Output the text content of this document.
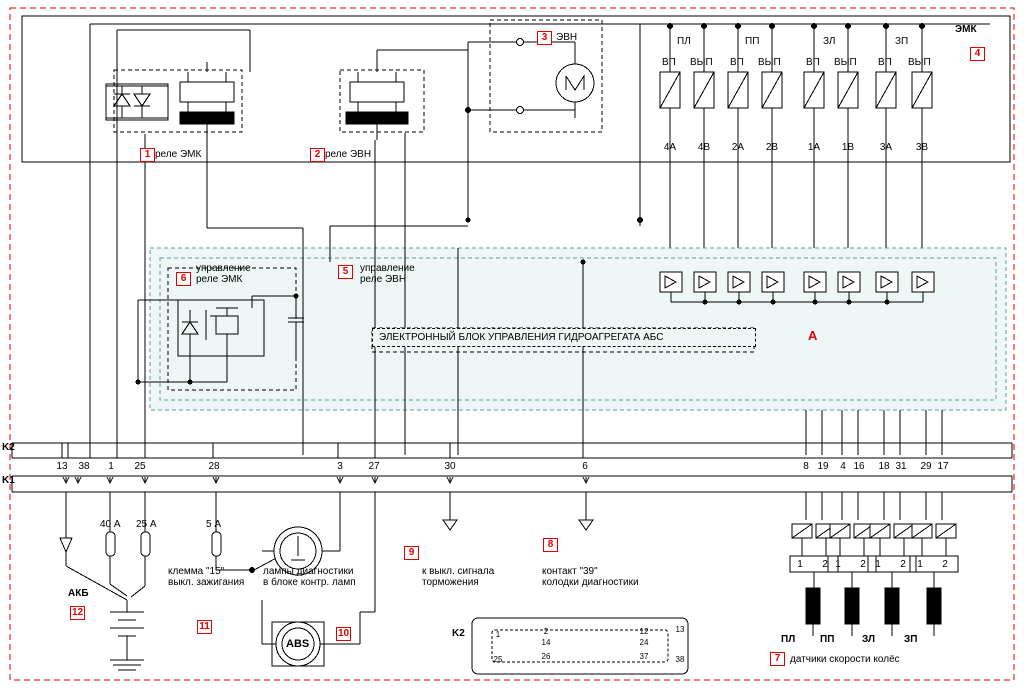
1 реле ЭМК	2 реле ЭВН
3 ЭВН
ЭМК
4
ПЛ	ПП	ЗЛ	ЗП
ВП ВЫП ВП ВЫП	ВП ВЫП ВП ВЫП
4A	4B	2A	2B	1A	1B	3A	3B
6
управление
реле ЭМК
5	управление
реле ЭВН
ЭЛЕКТРОННЫЙ БЛОК УПРАВЛЕНИЯ ГИДРОАГРЕГАТА АБС	A
K2
K1
13	38	1	25	28	3	27	30	6	8 19	4 16	18 31	29 17
40 А 25 А	5 А
АКБ
12
11
клемма "15"
выкл. зажигания
10
лампы диагностики
в блоке контр. ламп
ABS
9
к выкл. сигнала
торможения
8
контакт "39"
колодки диагностики
1	2 1	2 1	2	1	2
ПЛ ПП	ЗЛ	ЗП
7 датчики скорости колёс
K2	1	2	12	13
14	24
25	26	37	38
